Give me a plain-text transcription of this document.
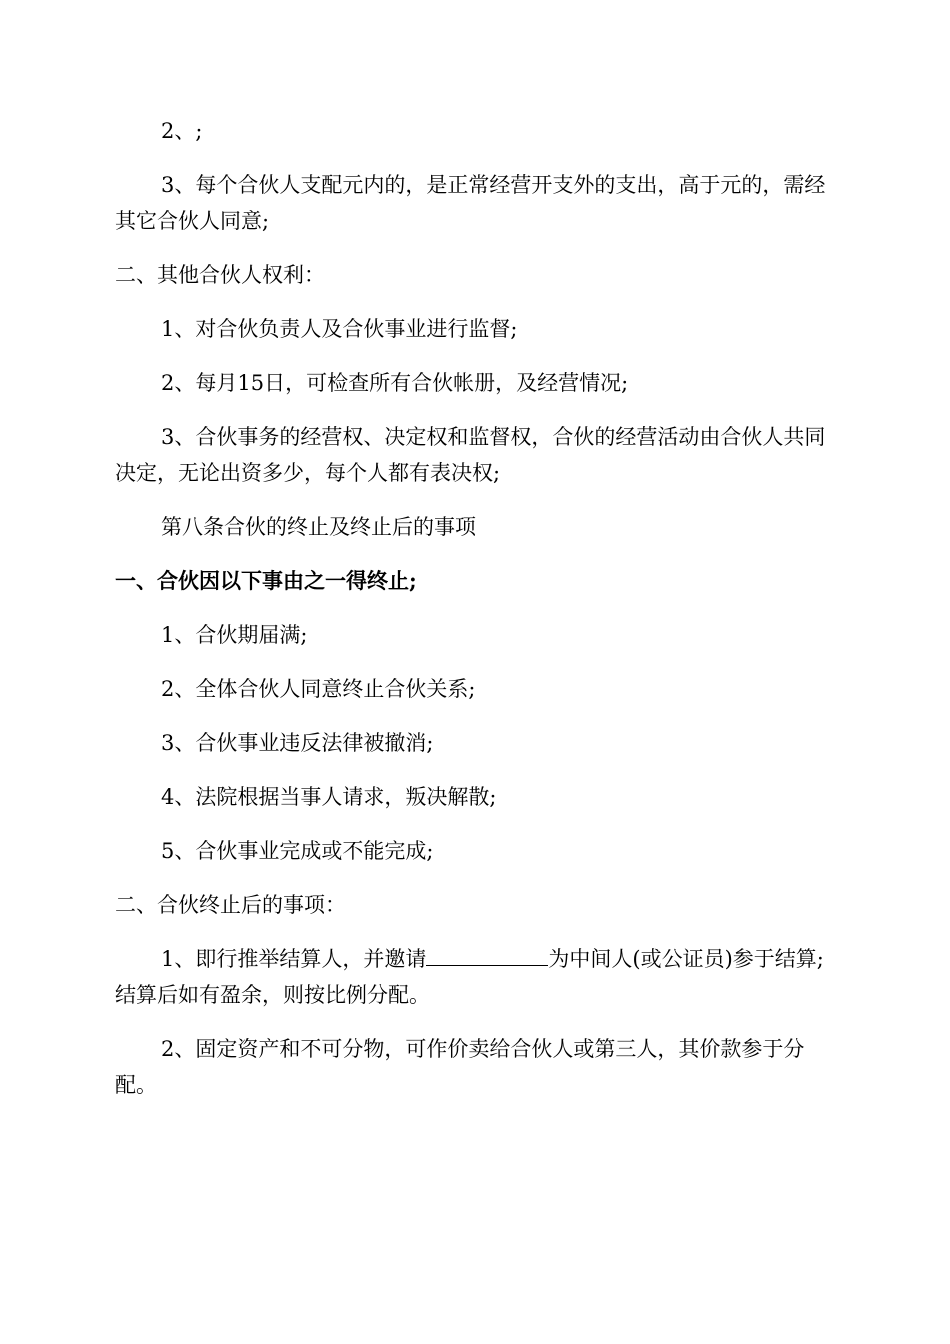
2、;

3、每个合伙人支配元内的，是正常经营开支外的支出，高于元的，需经其它合伙人同意;

二、其他合伙人权利：

1、对合伙负责人及合伙事业进行监督;

2、每月15日，可检查所有合伙帐册，及经营情况;

3、合伙事务的经营权、决定权和监督权，合伙的经营活动由合伙人共同决定，无论出资多少，每个人都有表决权;

第八条合伙的终止及终止后的事项

一、合伙因以下事由之一得终止;

1、合伙期届满;

2、全体合伙人同意终止合伙关系;

3、合伙事业违反法律被撤消;

4、法院根据当事人请求，叛决解散;

5、合伙事业完成或不能完成;

二、合伙终止后的事项：

1、即行推举结算人，并邀请	为中间人(或公证员)参于结算;结算后如有盈余，则按比例分配。

2、固定资产和不可分物，可作价卖给合伙人或第三人，其价款参于分配。
